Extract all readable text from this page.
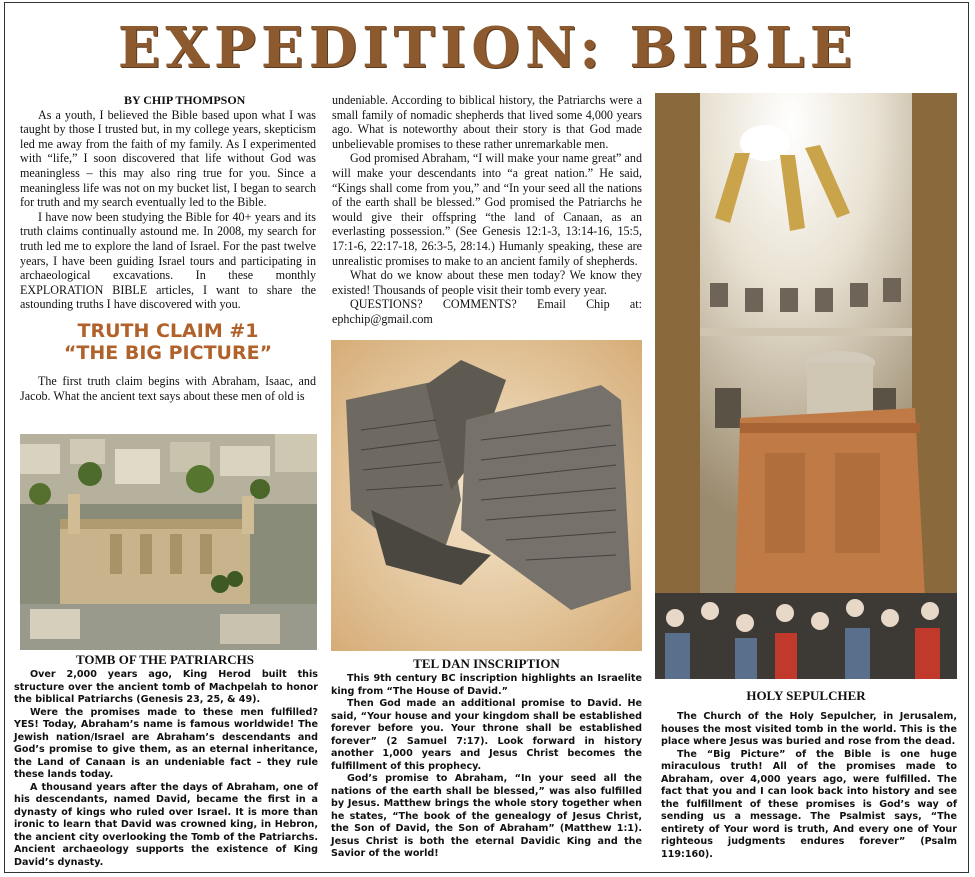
EXPEDITION: BIBLE

BY CHIP THOMPSON

As a youth, I believed the Bible based upon what I was taught by those I trusted but, in my college years, skepticism led me away from the faith of my family. As I experimented with “life,” I soon discovered that life without God was meaningless – this may also ring true for you. Since a meaningless life was not on my bucket list, I began to search for truth and my search eventually led to the Bible.

I have now been studying the Bible for 40+ years and its truth claims continually astound me. In 2008, my search for truth led me to explore the land of Israel. For the past twelve years, I have been guiding Israel tours and participating in archaeological excavations. In these monthly EXPLORATION BIBLE articles, I want to share the astounding truths I have discovered with you.

TRUTH CLAIM #1
“THE BIG PICTURE”

The first truth claim begins with Abraham, Isaac, and Jacob. What the ancient text says about these men of old is

TOMB OF THE PATRIARCHS

Over 2,000 years ago, King Herod built this structure over the ancient tomb of Machpelah to honor the biblical Patriarchs (Genesis 23, 25, & 49).

Were the promises made to these men fulfilled? YES! Today, Abraham’s name is famous worldwide! The Jewish nation/Israel are Abraham’s descendants and God’s promise to give them, as an eternal inheritance, the Land of Canaan is an undeniable fact – they rule these lands today.

A thousand years after the days of Abraham, one of his descendants, named David, became the first in a dynasty of kings who ruled over Israel. It is more than ironic to learn that David was crowned king, in Hebron, the ancient city overlooking the Tomb of the Patriarchs. Ancient archaeology supports the existence of King David’s dynasty.

undeniable. According to biblical history, the Patriarchs were a small family of nomadic shepherds that lived some 4,000 years ago. What is noteworthy about their story is that God made unbelievable promises to these rather unremarkable men.

God promised Abraham, “I will make your name great” and will make your descendants into “a great nation.” He said, “Kings shall come from you,” and “In your seed all the nations of the earth shall be blessed.” God promised the Patriarchs he would give their offspring “the land of Canaan, as an everlasting possession.” (See Genesis 12:1-3, 13:14-16, 15:5, 17:1-6, 22:17-18, 26:3-5, 28:14.) Humanly speaking, these are unrealistic promises to make to an ancient family of shepherds.

What do we know about these men today? We know they existed! Thousands of people visit their tomb every year.

QUESTIONS? COMMENTS? Email Chip at: ephchip@gmail.com

TEL DAN INSCRIPTION

This 9th century BC inscription highlights an Israelite king from “The House of David.”

Then God made an additional promise to David. He said, “Your house and your kingdom shall be established forever before you. Your throne shall be established forever” (2 Samuel 7:17). Look forward in history another 1,000 years and Jesus Christ becomes the fulfillment of this prophecy.

God’s promise to Abraham, “In your seed all the nations of the earth shall be blessed,” was also fulfilled by Jesus. Matthew brings the whole story together when he states, “The book of the genealogy of Jesus Christ, the Son of David, the Son of Abraham” (Matthew 1:1). Jesus Christ is both the eternal Davidic King and the Savior of the world!

HOLY SEPULCHER

The Church of the Holy Sepulcher, in Jerusalem, houses the most visited tomb in the world. This is the place where Jesus was buried and rose from the dead.

The “Big Picture” of the Bible is one huge miraculous truth! All of the promises made to Abraham, over 4,000 years ago, were fulfilled. The fact that you and I can look back into history and see the fulfillment of these promises is God’s way of sending us a message. The Psalmist says, “The entirety of Your word is truth, And every one of Your righteous judgments endures forever” (Psalm 119:160).
